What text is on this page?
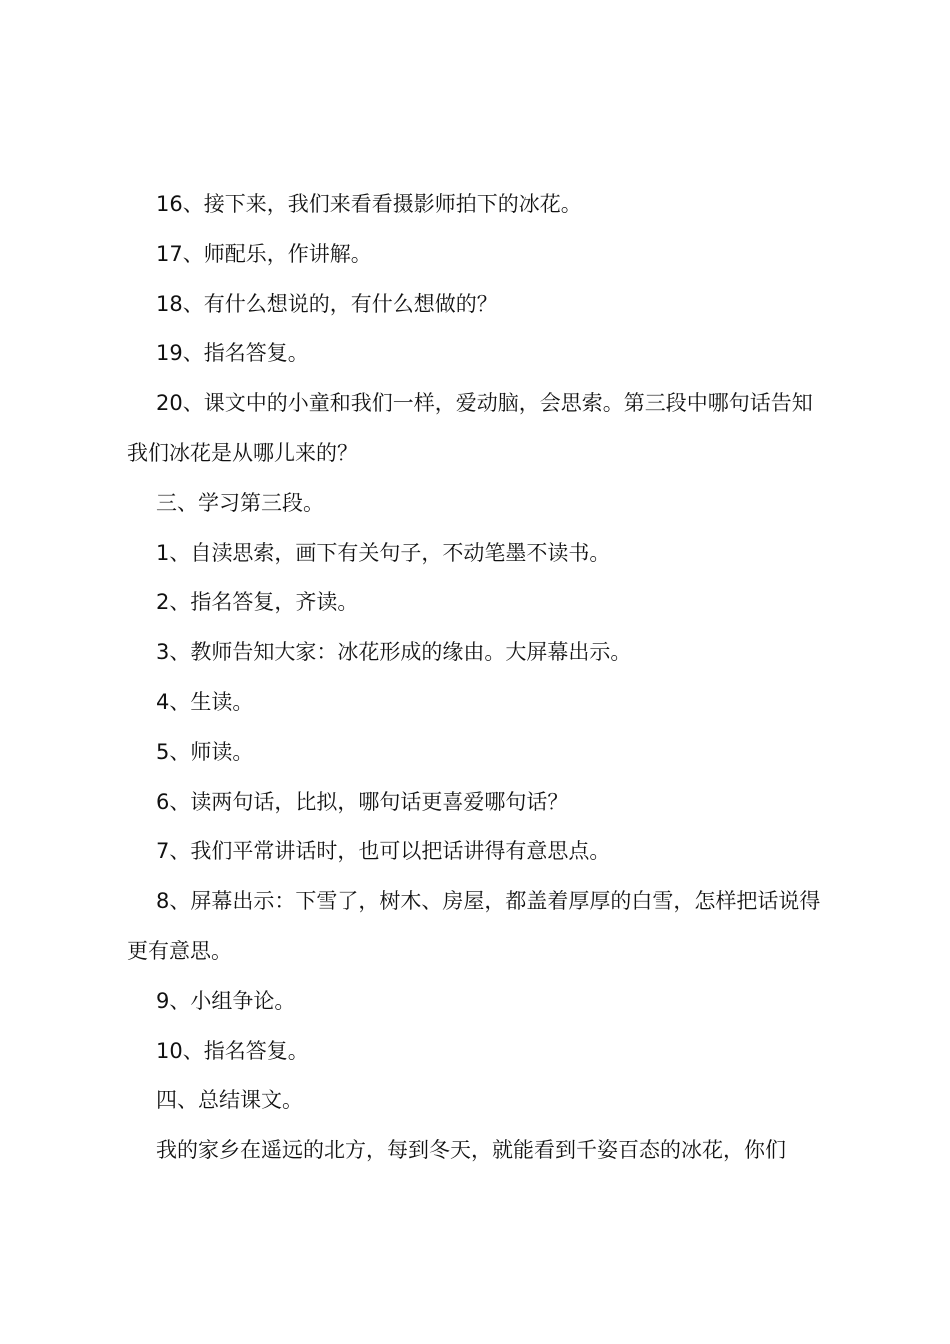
16、接下来，我们来看看摄影师拍下的冰花。

17、师配乐，作讲解。

18、有什么想说的，有什么想做的？

19、指名答复。

20、课文中的小童和我们一样，爱动脑，会思索。第三段中哪句话告知我们冰花是从哪儿来的？

三、学习第三段。

1、自渎思索，画下有关句子，不动笔墨不读书。

2、指名答复，齐读。

3、教师告知大家：冰花形成的缘由。大屏幕出示。

4、生读。

5、师读。

6、读两句话，比拟，哪句话更喜爱哪句话？

7、我们平常讲话时，也可以把话讲得有意思点。

8、屏幕出示：下雪了，树木、房屋，都盖着厚厚的白雪，怎样把话说得更有意思。

9、小组争论。

10、指名答复。

四、总结课文。

我的家乡在遥远的北方，每到冬天，就能看到千姿百态的冰花，你们
